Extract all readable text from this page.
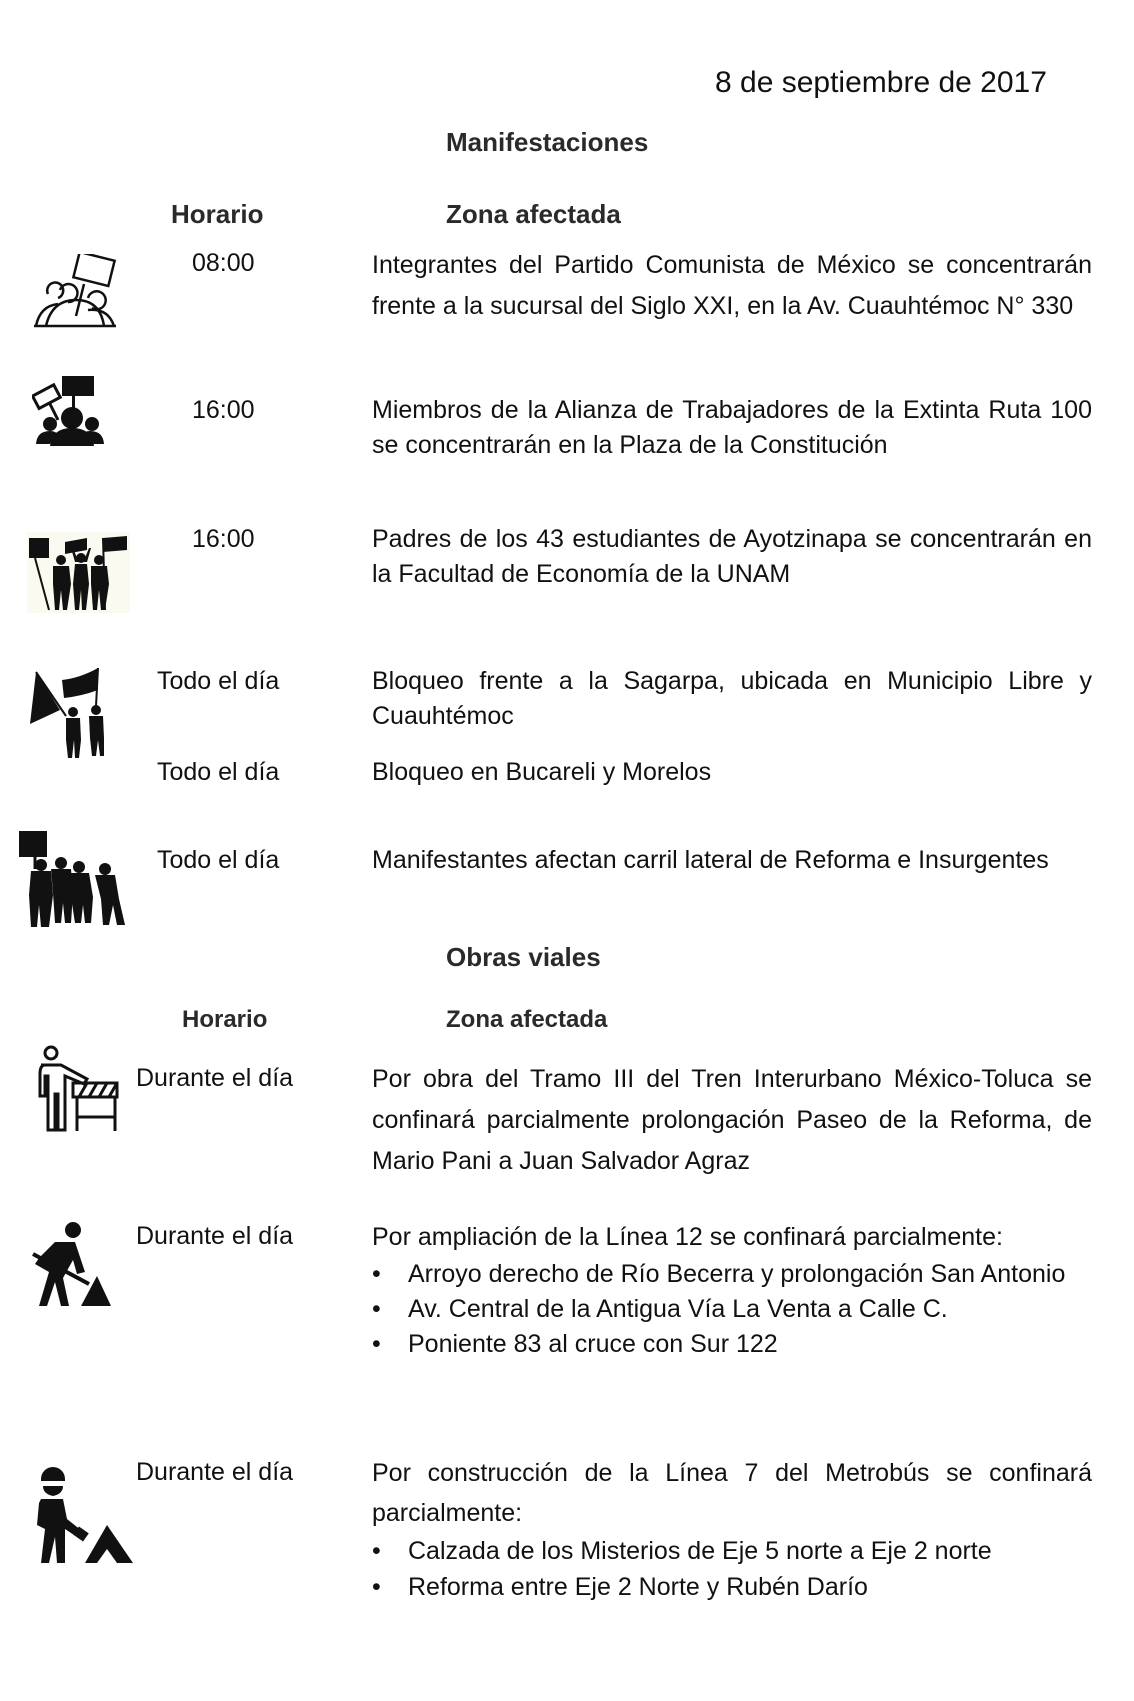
8 de septiembre de 2017
Manifestaciones
Horario	Zona afectada
08:00	Integrantes del Partido Comunista de México se concentrarán frente a la sucursal del Siglo XXI, en la Av. Cuauhtémoc N° 330

16:00	Miembros de la Alianza de Trabajadores de la Extinta Ruta 100 se concentrarán en la Plaza de la Constitución

16:00	Padres de los 43 estudiantes de Ayotzinapa se concentrarán en la Facultad de Economía de la UNAM

Todo el día	Bloqueo frente a la Sagarpa, ubicada en Municipio Libre y Cuauhtémoc

Todo el día	Bloqueo en Bucareli y Morelos

Todo el día	Manifestantes afectan carril lateral de Reforma e Insurgentes

Obras viales
Horario	Zona afectada
Durante el día	Por obra del Tramo III del Tren Interurbano México-Toluca se confinará parcialmente prolongación Paseo de la Reforma, de Mario Pani a Juan Salvador Agraz

Durante el día	Por ampliación de la Línea 12 se confinará parcialmente:

• Arroyo derecho de Río Becerra y prolongación San Antonio
• Av. Central de la Antigua Vía La Venta a Calle C.
• Poniente 83 al cruce con Sur 122
Durante el día	Por construcción de la Línea 7 del Metrobús se confinará parcialmente:

• Calzada de los Misterios de Eje 5 norte a Eje 2 norte
• Reforma entre Eje 2 Norte y Rubén Darío
